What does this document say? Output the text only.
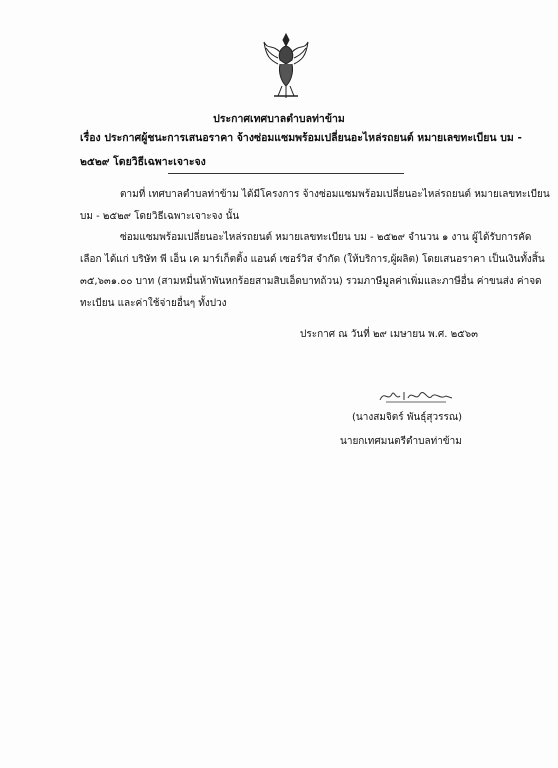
ประกาศเทศบาลตำบลท่าข้าม
เรื่อง ประกาศผู้ชนะการเสนอราคา จ้างซ่อมแซมพร้อมเปลี่ยนอะไหล่รถยนต์ หมายเลขทะเบียน บม - ๒๕๒๙ โดยวิธีเฉพาะเจาะจง
ตามที่ เทศบาลตำบลท่าข้าม ได้มีโครงการ จ้างซ่อมแซมพร้อมเปลี่ยนอะไหล่รถยนต์ หมายเลขทะเบียน บม - ๒๕๒๙ โดยวิธีเฉพาะเจาะจง นั้น
ซ่อมแซมพร้อมเปลี่ยนอะไหล่รถยนต์ หมายเลขทะเบียน บม - ๒๕๒๙ จำนวน ๑ งาน ผู้ได้รับการคัดเลือก ได้แก่ บริษัท พี เอ็น เค มาร์เก็ตติ้ง แอนด์ เซอร์วิส จำกัด (ให้บริการ,ผู้ผลิต) โดยเสนอราคา เป็นเงินทั้งสิ้น ๓๕,๖๓๑.๐๐ บาท (สามหมื่นห้าพันหกร้อยสามสิบเอ็ดบาทถ้วน) รวมภาษีมูลค่าเพิ่มและภาษีอื่น ค่าขนส่ง ค่าจดทะเบียน และค่าใช้จ่ายอื่นๆ ทั้งปวง
ประกาศ ณ วันที่ ๒๙ เมษายน พ.ศ. ๒๕๖๓
(นางสมจิตร์ พันธุ์สุวรรณ)
นายกเทศมนตรีตำบลท่าข้าม
